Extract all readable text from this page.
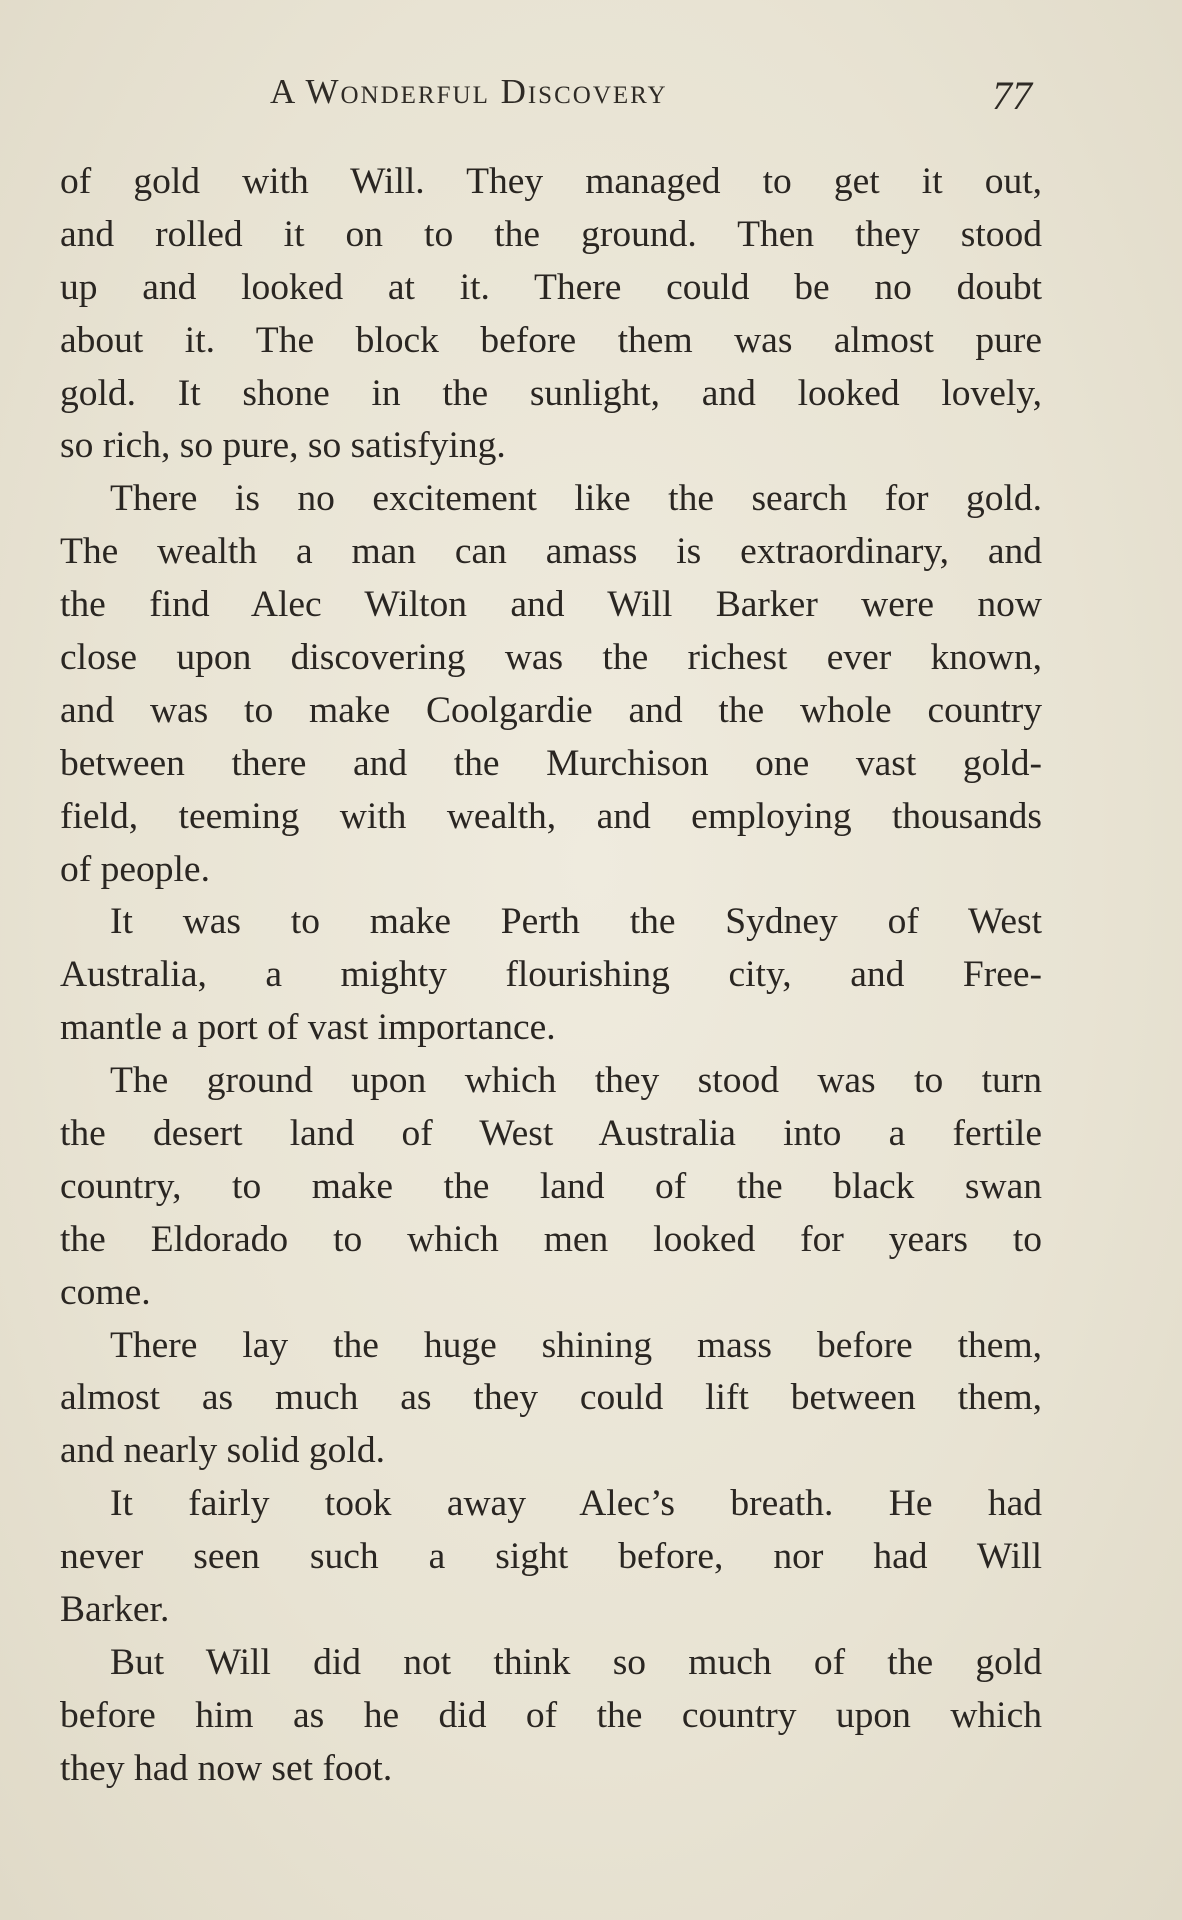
A Wonderful Discovery	77
of gold with Will. They managed to get it out,
and rolled it on to the ground. Then they stood
up and looked at it. There could be no doubt
about it. The block before them was almost pure
gold. It shone in the sunlight, and looked lovely,
so rich, so pure, so satisfying.
There is no excitement like the search for gold.
The wealth a man can amass is extraordinary, and
the find Alec Wilton and Will Barker were now
close upon discovering was the richest ever known,
and was to make Coolgardie and the whole country
between there and the Murchison one vast gold-
field, teeming with wealth, and employing thousands
of people.
It was to make Perth the Sydney of West
Australia, a mighty flourishing city, and Free-
mantle a port of vast importance.
The ground upon which they stood was to turn
the desert land of West Australia into a fertile
country, to make the land of the black swan
the Eldorado to which men looked for years to
come.
There lay the huge shining mass before them,
almost as much as they could lift between them,
and nearly solid gold.
It fairly took away Alec’s breath. He had
never seen such a sight before, nor had Will
Barker.
But Will did not think so much of the gold
before him as he did of the country upon which
they had now set foot.
